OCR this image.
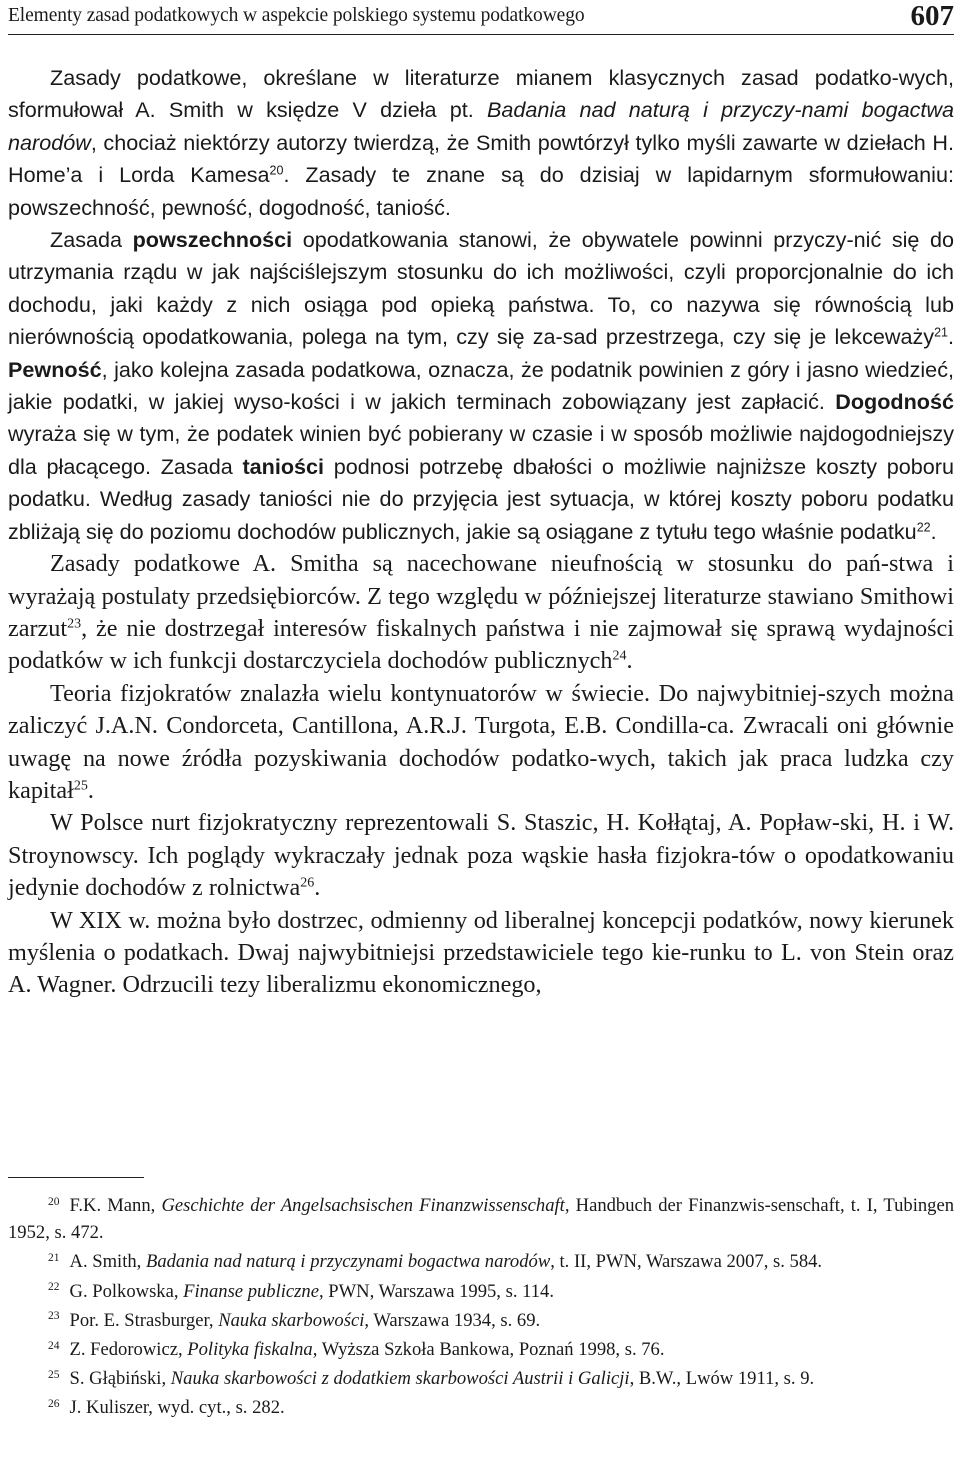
Elementy zasad podatkowych w aspekcie polskiego systemu podatkowego	607

Zasady podatkowe, określane w literaturze mianem klasycznych zasad podatko-wych, sformułował A. Smith w księdze V dzieła pt. Badania nad naturą i przyczy-nami bogactwa narodów, chociaż niektórzy autorzy twierdzą, że Smith powtórzył tylko myśli zawarte w dziełach H. Home’a i Lorda Kamesa$^{20}$. Zasady te znane są do dzisiaj w lapidarnym sformułowaniu: powszechność, pewność, dogodność, taniość.

Zasada powszechności opodatkowania stanowi, że obywatele powinni przyczy-nić się do utrzymania rządu w jak najściślejszym stosunku do ich możliwości, czyli proporcjonalnie do ich dochodu, jaki każdy z nich osiąga pod opieką państwa. To, co nazywa się równością lub nierównością opodatkowania, polega na tym, czy się za-sad przestrzega, czy się je lekceważy$^{21}$. Pewność, jako kolejna zasada podatkowa, oznacza, że podatnik powinien z góry i jasno wiedzieć, jakie podatki, w jakiej wyso-kości i w jakich terminach zobowiązany jest zapłacić. Dogodność wyraża się w tym, że podatek winien być pobierany w czasie i w sposób możliwie najdogodniejszy dla płacącego. Zasada taniości podnosi potrzebę dbałości o możliwie najniższe koszty poboru podatku. Według zasady taniości nie do przyjęcia jest sytuacja, w której koszty poboru podatku zbliżają się do poziomu dochodów publicznych, jakie są osiągane z tytułu tego właśnie podatku$^{22}$.

Zasady podatkowe A. Smitha są nacechowane nieufnością w stosunku do pań-stwa i wyrażają postulaty przedsiębiorców. Z tego względu w późniejszej literaturze stawiano Smithowi zarzut$^{23}$, że nie dostrzegał interesów fiskalnych państwa i nie zajmował się sprawą wydajności podatków w ich funkcji dostarczyciela dochodów publicznych$^{24}$.

Teoria fizjokratów znalazła wielu kontynuatorów w świecie. Do najwybitniej-szych można zaliczyć J.A.N. Condorceta, Cantillona, A.R.J. Turgota, E.B. Condilla-ca. Zwracali oni głównie uwagę na nowe źródła pozyskiwania dochodów podatko-wych, takich jak praca ludzka czy kapitał$^{25}$.

W Polsce nurt fizjokratyczny reprezentowali S. Staszic, H. Kołłątaj, A. Popław-ski, H. i W. Stroynowscy. Ich poglądy wykraczały jednak poza wąskie hasła fizjokra-tów o opodatkowaniu jedynie dochodów z rolnictwa$^{26}$.

W XIX w. można było dostrzec, odmienny od liberalnej koncepcji podatków, nowy kierunek myślenia o podatkach. Dwaj najwybitniejsi przedstawiciele tego kie-runku to L. von Stein oraz A. Wagner. Odrzucili tezy liberalizmu ekonomicznego,

$^{20}$ F.K. Mann, Geschichte der Angelsachsischen Finanzwissenschaft, Handbuch der Finanzwis-senschaft, t. I, Tubingen 1952, s. 472.

$^{21}$ A. Smith, Badania nad naturą i przyczynami bogactwa narodów, t. II, PWN, Warszawa 2007, s. 584.

$^{22}$ G. Polkowska, Finanse publiczne, PWN, Warszawa 1995, s. 114.

$^{23}$ Por. E. Strasburger, Nauka skarbowości, Warszawa 1934, s. 69.

$^{24}$ Z. Fedorowicz, Polityka fiskalna, Wyższa Szkoła Bankowa, Poznań 1998, s. 76.

$^{25}$ S. Głąbiński, Nauka skarbowości z dodatkiem skarbowości Austrii i Galicji, B.W., Lwów 1911, s. 9.

$^{26}$ J. Kuliszer, wyd. cyt., s. 282.
